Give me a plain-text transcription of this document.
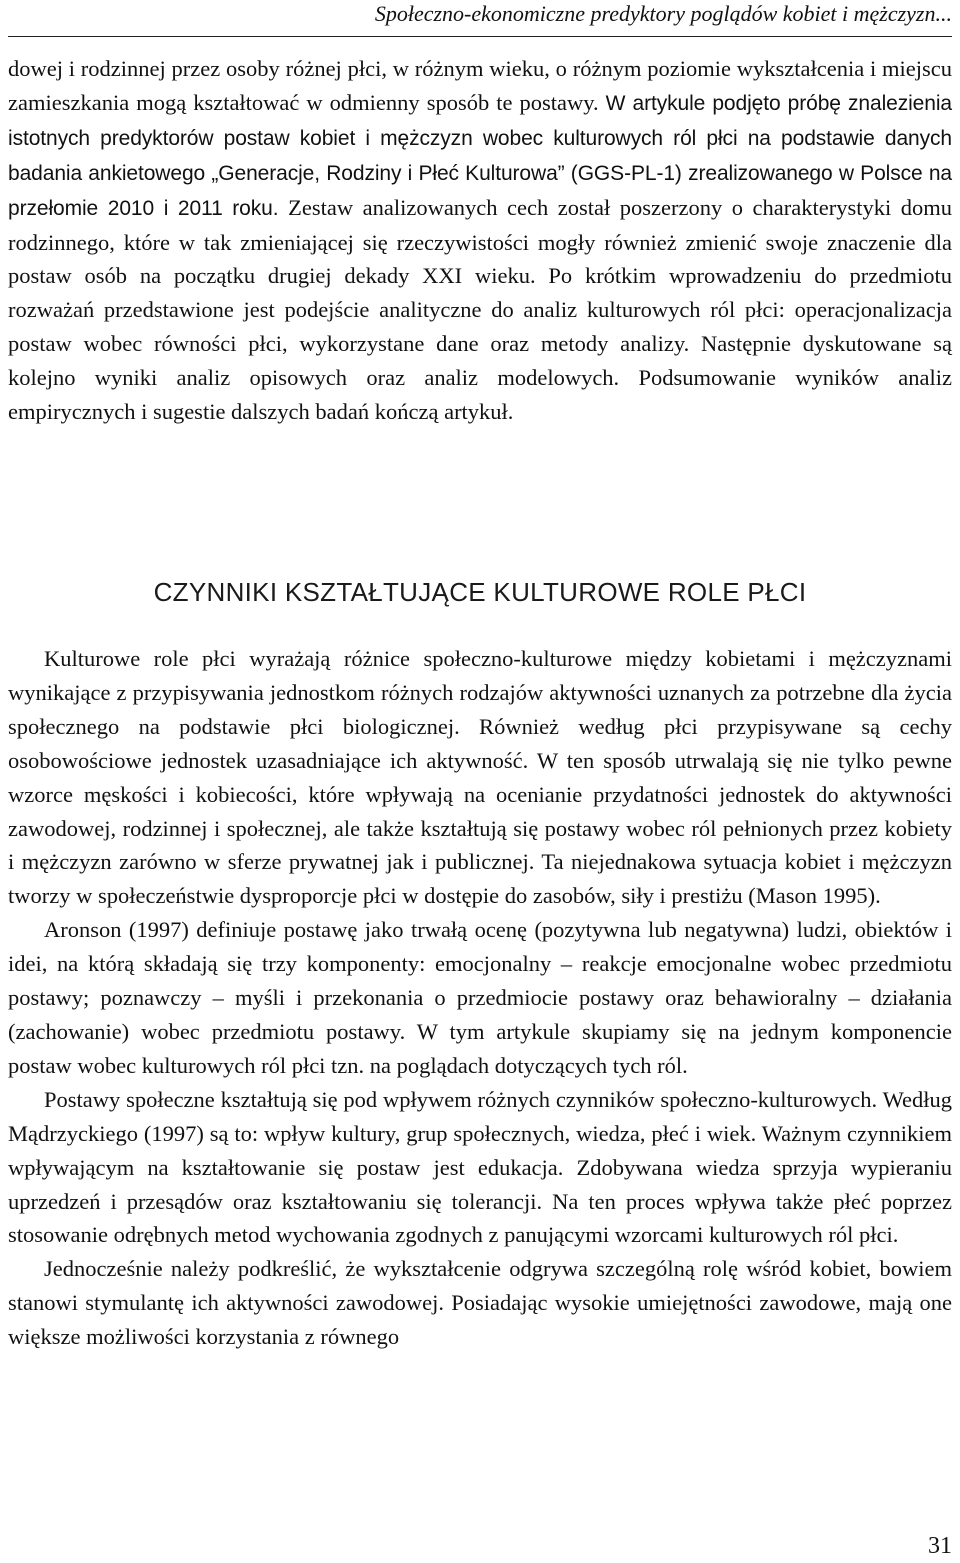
Społeczno-ekonomiczne predyktory poglądów kobiet i mężczyzn...

dowej i rodzinnej przez osoby różnej płci, w różnym wieku, o różnym poziomie wykształcenia i miejscu zamieszkania mogą kształtować w odmienny sposób te postawy. W artykule podjęto próbę znalezienia istotnych predyktorów postaw kobiet i mężczyzn wobec kulturowych ról płci na podstawie danych badania ankietowego „Generacje, Rodziny i Płeć Kulturowa” (GGS-PL-1) zrealizowanego w Polsce na przełomie 2010 i 2011 roku. Zestaw analizowanych cech został poszerzony o charakterystyki domu rodzinnego, które w tak zmieniającej się rzeczywistości mogły również zmienić swoje znaczenie dla postaw osób na początku drugiej dekady XXI wieku. Po krótkim wprowadzeniu do przedmiotu rozważań przedstawione jest podejście analityczne do analiz kulturowych ról płci: operacjonalizacja postaw wobec równości płci, wykorzystane dane oraz metody analizy. Następnie dyskutowane są kolejno wyniki analiz opisowych oraz analiz modelowych. Podsumowanie wyników analiz empirycznych i sugestie dalszych badań kończą artykuł.

CZYNNIKI KSZTAŁTUJĄCE KULTUROWE ROLE PŁCI

Kulturowe role płci wyrażają różnice społeczno-kulturowe między kobietami i mężczyznami wynikające z przypisywania jednostkom różnych rodzajów aktywności uznanych za potrzebne dla życia społecznego na podstawie płci biologicznej. Również według płci przypisywane są cechy osobowościowe jednostek uzasadniające ich aktywność. W ten sposób utrwalają się nie tylko pewne wzorce męskości i kobiecości, które wpływają na ocenianie przydatności jednostek do aktywności zawodowej, rodzinnej i społecznej, ale także kształtują się postawy wobec ról pełnionych przez kobiety i mężczyzn zarówno w sferze prywatnej jak i publicznej. Ta niejednakowa sytuacja kobiet i mężczyzn tworzy w społeczeństwie dysproporcje płci w dostępie do zasobów, siły i prestiżu (Mason 1995).

Aronson (1997) definiuje postawę jako trwałą ocenę (pozytywna lub negatywna) ludzi, obiektów i idei, na którą składają się trzy komponenty: emocjonalny – reakcje emocjonalne wobec przedmiotu postawy; poznawczy – myśli i przekonania o przedmiocie postawy oraz behawioralny – działania (zachowanie) wobec przedmiotu postawy. W tym artykule skupiamy się na jednym komponencie postaw wobec kulturowych ról płci tzn. na poglądach dotyczących tych ról.

Postawy społeczne kształtują się pod wpływem różnych czynników społeczno-kulturowych. Według Mądrzyckiego (1997) są to: wpływ kultury, grup społecznych, wiedza, płeć i wiek. Ważnym czynnikiem wpływającym na kształtowanie się postaw jest edukacja. Zdobywana wiedza sprzyja wypieraniu uprzedzeń i przesądów oraz kształtowaniu się tolerancji. Na ten proces wpływa także płeć poprzez stosowanie odrębnych metod wychowania zgodnych z panującymi wzorcami kulturowych ról płci.

Jednocześnie należy podkreślić, że wykształcenie odgrywa szczególną rolę wśród kobiet, bowiem stanowi stymulantę ich aktywności zawodowej. Posiadając wysokie umiejętności zawodowe, mają one większe możliwości korzystania z równego

31
